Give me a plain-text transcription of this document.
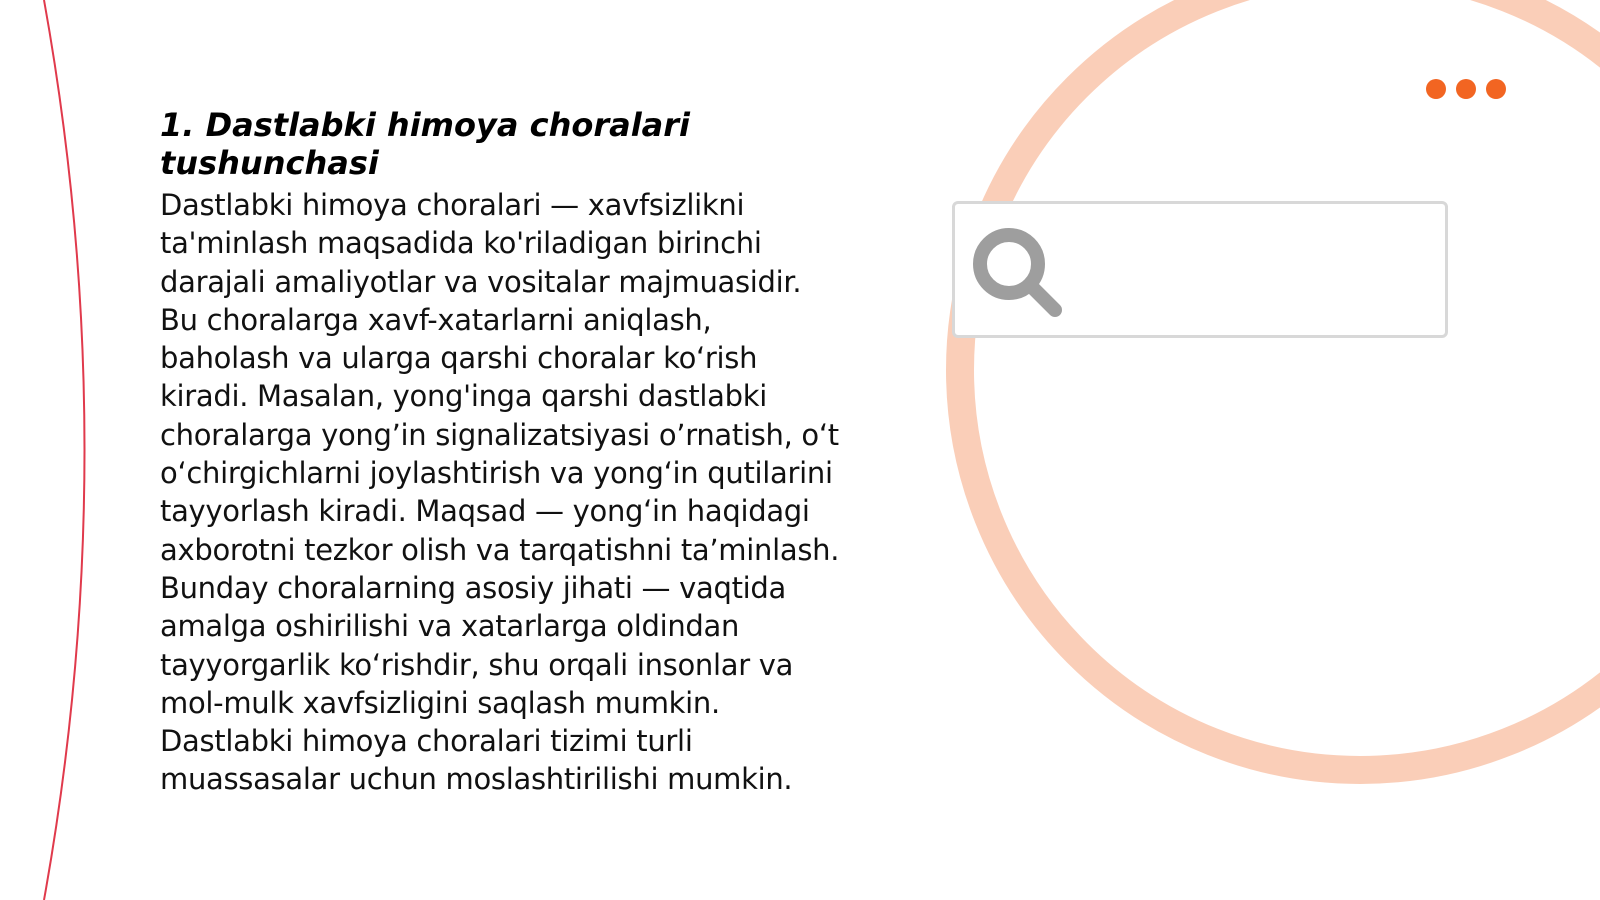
1. Dastlabki himoya choralari tushunchasi

Dastlabki himoya choralari — xavfsizlikni ta'minlash maqsadida ko'riladigan birinchi darajali amaliyotlar va vositalar majmuasidir. Bu choralarga xavf-xatarlarni aniqlash, baholash va ularga qarshi choralar ko‘rish kiradi. Masalan, yong'inga qarshi dastlabki choralarga yong’in signalizatsiyasi o’rnatish, o‘t o‘chirgichlarni joylashtirish va yong‘in qutilarini tayyorlash kiradi. Maqsad — yong‘in haqidagi axborotni tezkor olish va tarqatishni ta’minlash. Bunday choralarning asosiy jihati — vaqtida amalga oshirilishi va xatarlarga oldindan tayyorgarlik ko‘rishdir, shu orqali insonlar va mol-mulk xavfsizligini saqlash mumkin. Dastlabki himoya choralari tizimi turli muassasalar uchun moslashtirilishi mumkin.
